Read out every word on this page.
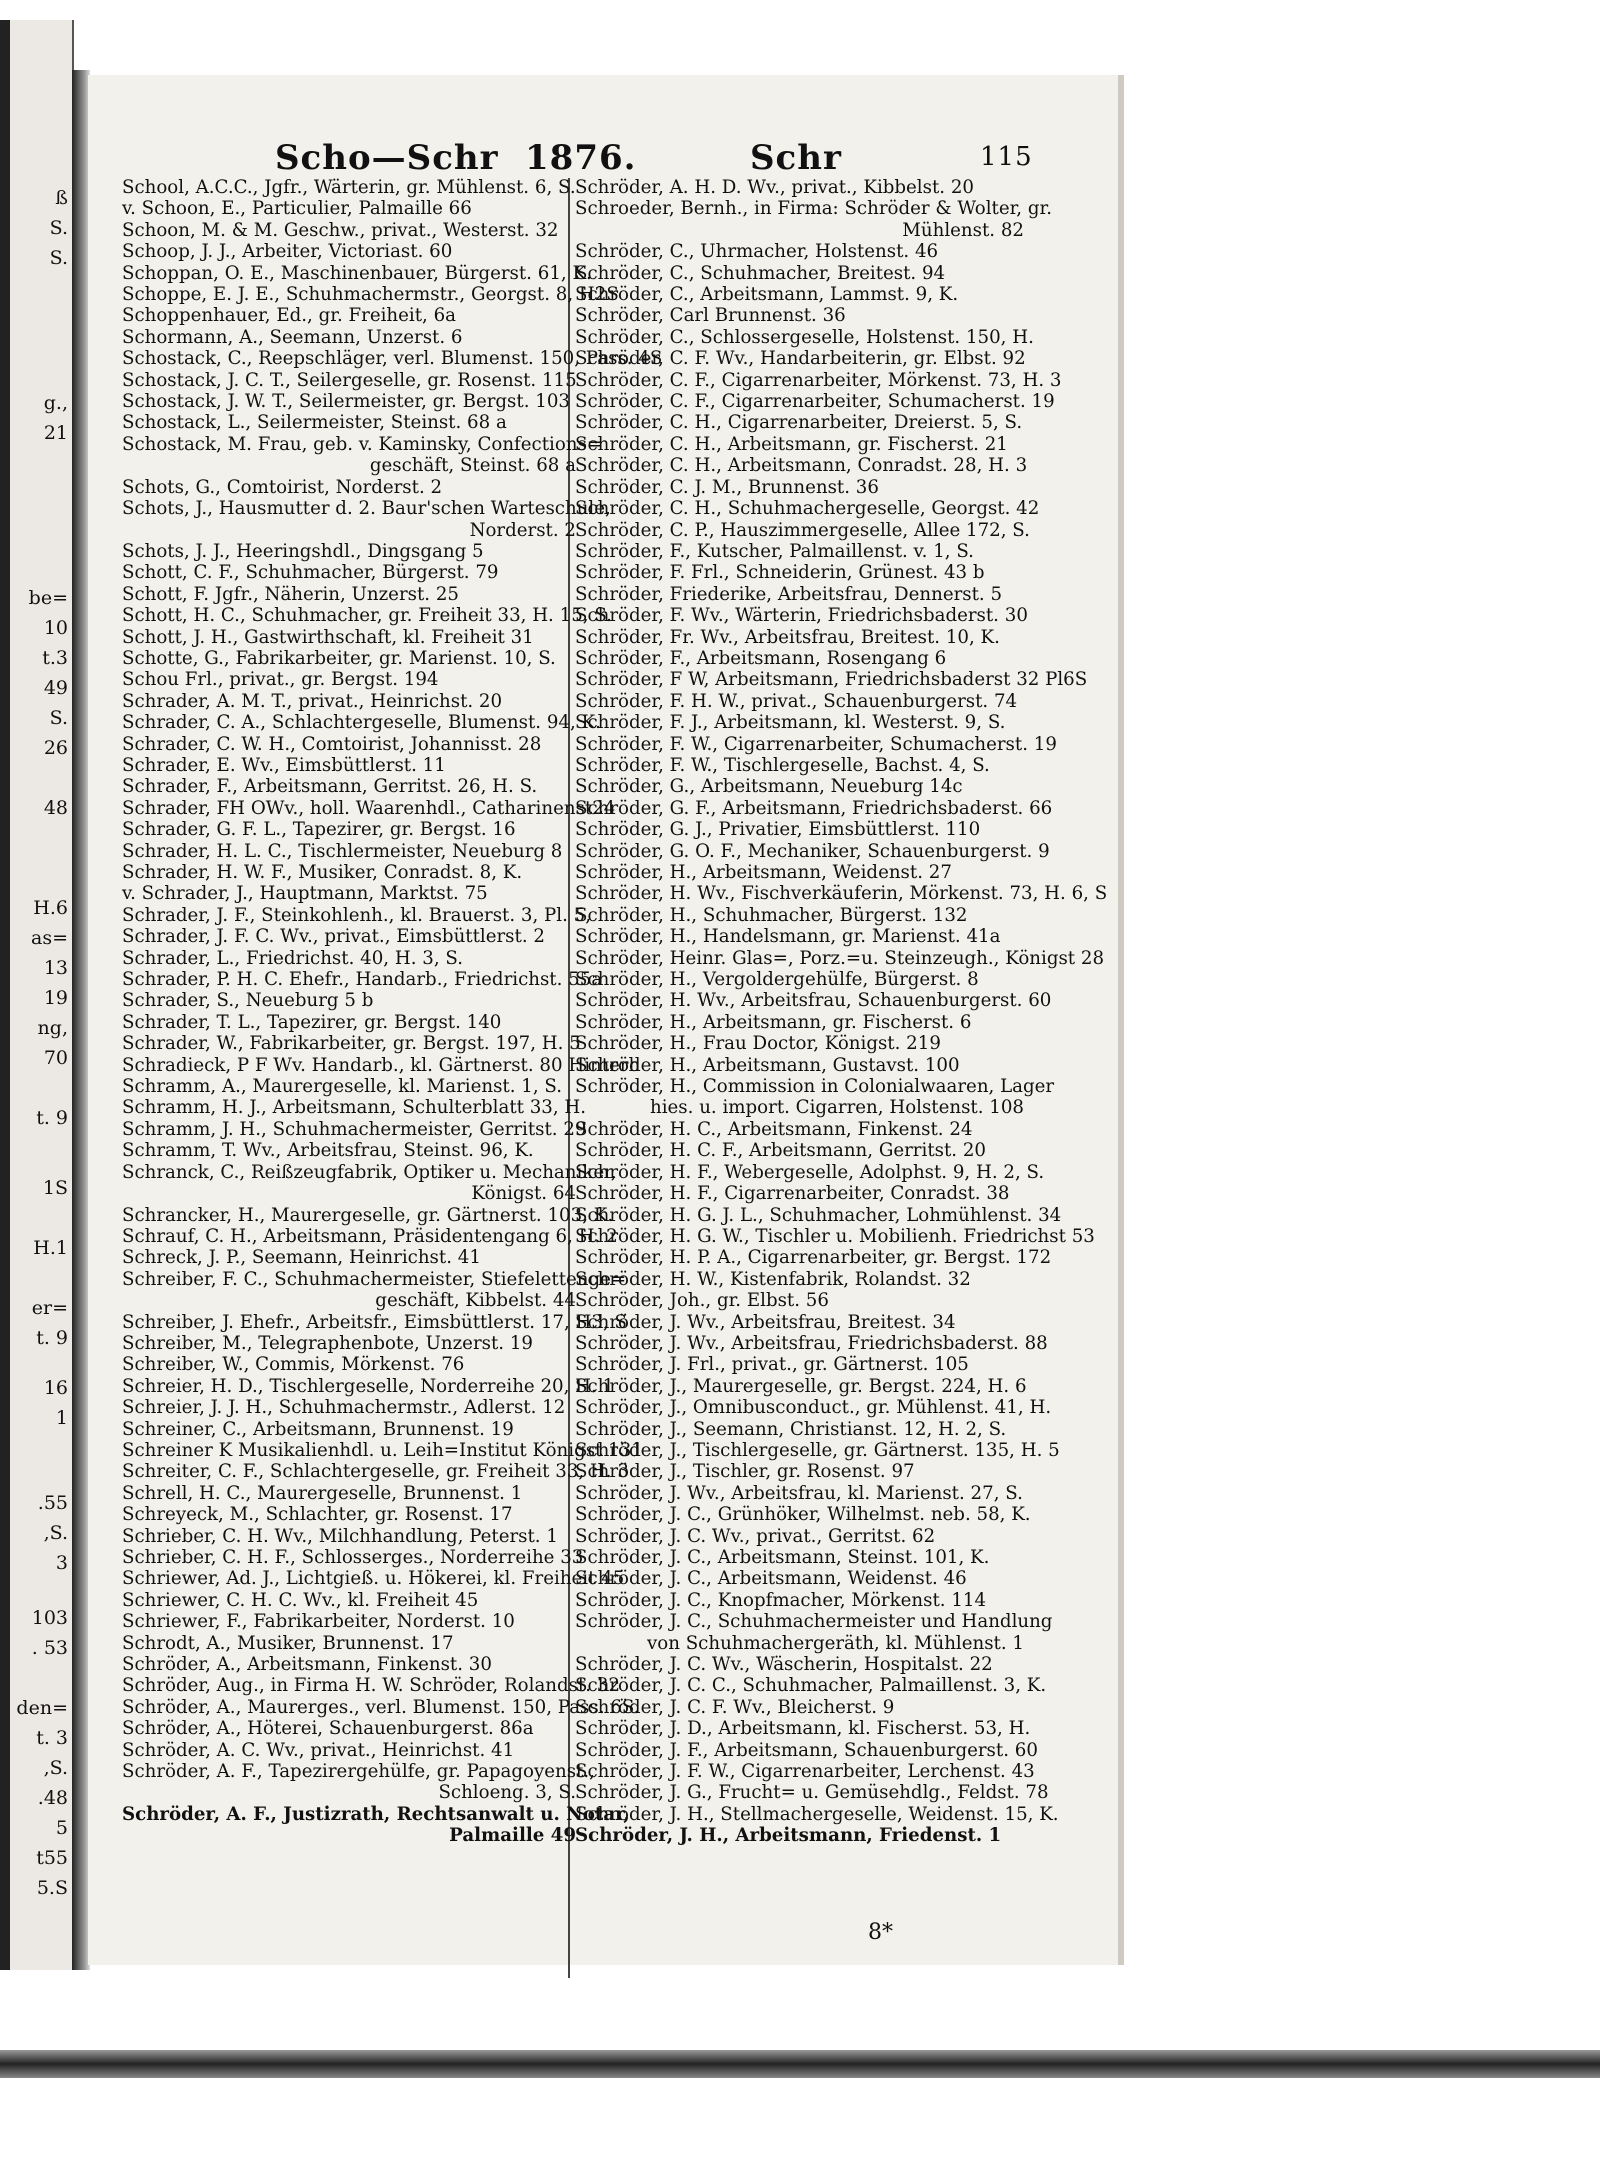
ß
S.
S.
g.,
21
be=
10
t.3
49
S.
26
48
H.6
as=
13
19
ng,
70
t. 9
1S
H.1
er=
t. 9
16
1
.55
,S.
3
103
. 53
den=
t. 3
,S.
.48
5
t55
5.S
Scho—Schr 1876.	Schr	115
School, A.C.C., Jgfr., Wärterin, gr. Mühlenst. 6, S.
v. Schoon, E., Particulier, Palmaille 66
Schoon, M. & M. Geschw., privat., Westerst. 32
Schoop, J. J., Arbeiter, Victoriast. 60
Schoppan, O. E., Maschinenbauer, Bürgerst. 61, K.
Schoppe, E. J. E., Schuhmachermstr., Georgst. 8, H2S
Schoppenhauer, Ed., gr. Freiheit, 6a
Schormann, A., Seemann, Unzerst. 6
Schostack, C., Reepschläger, verl. Blumenst. 150, Pass. 4S
Schostack, J. C. T., Seilergeselle, gr. Rosenst. 115
Schostack, J. W. T., Seilermeister, gr. Bergst. 103
Schostack, L., Seilermeister, Steinst. 68 a
Schostack, M. Frau, geb. v. Kaminsky, Confections=
geschäft, Steinst. 68 a
Schots, G., Comtoirist, Norderst. 2
Schots, J., Hausmutter d. 2. Baur'schen Warteschule,
Norderst. 2
Schots, J. J., Heeringshdl., Dingsgang 5
Schott, C. F., Schuhmacher, Bürgerst. 79
Schott, F. Jgfr., Näherin, Unzerst. 25
Schott, H. C., Schuhmacher, gr. Freiheit 33, H. 15, S.
Schott, J. H., Gastwirthschaft, kl. Freiheit 31
Schotte, G., Fabrikarbeiter, gr. Marienst. 10, S.
Schou Frl., privat., gr. Bergst. 194
Schrader, A. M. T., privat., Heinrichst. 20
Schrader, C. A., Schlachtergeselle, Blumenst. 94, K.
Schrader, C. W. H., Comtoirist, Johannisst. 28
Schrader, E. Wv., Eimsbüttlerst. 11
Schrader, F., Arbeitsmann, Gerritst. 26, H. S.
Schrader, FH OWv., holl. Waarenhdl., Catharinenst24
Schrader, G. F. L., Tapezirer, gr. Bergst. 16
Schrader, H. L. C., Tischlermeister, Neueburg 8
Schrader, H. W. F., Musiker, Conradst. 8, K.
v. Schrader, J., Hauptmann, Marktst. 75
Schrader, J. F., Steinkohlenh., kl. Brauerst. 3, Pl. 5,
Schrader, J. F. C. Wv., privat., Eimsbüttlerst. 2
Schrader, L., Friedrichst. 40, H. 3, S.
Schrader, P. H. C. Ehefr., Handarb., Friedrichst. 55a
Schrader, S., Neueburg 5 b
Schrader, T. L., Tapezirer, gr. Bergst. 140
Schrader, W., Fabrikarbeiter, gr. Bergst. 197, H. 5
Schradieck, P F Wv. Handarb., kl. Gärtnerst. 80 Hinterh
Schramm, A., Maurergeselle, kl. Marienst. 1, S.
Schramm, H. J., Arbeitsmann, Schulterblatt 33, H.
Schramm, J. H., Schuhmachermeister, Gerritst. 29
Schramm, T. Wv., Arbeitsfrau, Steinst. 96, K.
Schranck, C., Reißzeugfabrik, Optiker u. Mechaniker,
Königst. 64
Schrancker, H., Maurergeselle, gr. Gärtnerst. 103, K.
Schrauf, C. H., Arbeitsmann, Präsidentengang 6, H. 2
Schreck, J. P., Seemann, Heinrichst. 41
Schreiber, F. C., Schuhmachermeister, Stiefelettenge=
geschäft, Kibbelst. 44
Schreiber, J. Ehefr., Arbeitsfr., Eimsbüttlerst. 17, H3, S
Schreiber, M., Telegraphenbote, Unzerst. 19
Schreiber, W., Commis, Mörkenst. 76
Schreier, H. D., Tischlergeselle, Norderreihe 20, H. 1
Schreier, J. J. H., Schuhmachermstr., Adlerst. 12
Schreiner, C., Arbeitsmann, Brunnenst. 19
Schreiner K Musikalienhdl. u. Leih=Institut Königst 131
Schreiter, C. F., Schlachtergeselle, gr. Freiheit 33, H. 3
Schrell, H. C., Maurergeselle, Brunnenst. 1
Schreyeck, M., Schlachter, gr. Rosenst. 17
Schrieber, C. H. Wv., Milchhandlung, Peterst. 1
Schrieber, C. H. F., Schlosserges., Norderreihe 33
Schriewer, Ad. J., Lichtgieß. u. Hökerei, kl. Freiheit 45
Schriewer, C. H. C. Wv., kl. Freiheit 45
Schriewer, F., Fabrikarbeiter, Norderst. 10
Schrodt, A., Musiker, Brunnenst. 17
Schröder, A., Arbeitsmann, Finkenst. 30
Schröder, Aug., in Firma H. W. Schröder, Rolandst. 32
Schröder, A., Maurerges., verl. Blumenst. 150, Pass. 6S.
Schröder, A., Höterei, Schauenburgerst. 86a
Schröder, A. C. Wv., privat., Heinrichst. 41
Schröder, A. F., Tapezirergehülfe, gr. Papagoyenst.,
Schloeng. 3, S.
Schröder, A. F., Justizrath, Rechtsanwalt u. Notar,
Palmaille 49
Schröder, A. H. D. Wv., privat., Kibbelst. 20
Schroeder, Bernh., in Firma: Schröder & Wolter, gr.
Mühlenst. 82
Schröder, C., Uhrmacher, Holstenst. 46
Schröder, C., Schuhmacher, Breitest. 94
Schröder, C., Arbeitsmann, Lammst. 9, K.
Schröder, Carl Brunnenst. 36
Schröder, C., Schlossergeselle, Holstenst. 150, H.
Schröder, C. F. Wv., Handarbeiterin, gr. Elbst. 92
Schröder, C. F., Cigarrenarbeiter, Mörkenst. 73, H. 3
Schröder, C. F., Cigarrenarbeiter, Schumacherst. 19
Schröder, C. H., Cigarrenarbeiter, Dreierst. 5, S.
Schröder, C. H., Arbeitsmann, gr. Fischerst. 21
Schröder, C. H., Arbeitsmann, Conradst. 28, H. 3
Schröder, C. J. M., Brunnenst. 36
Schröder, C. H., Schuhmachergeselle, Georgst. 42
Schröder, C. P., Hauszimmergeselle, Allee 172, S.
Schröder, F., Kutscher, Palmaillenst. v. 1, S.
Schröder, F. Frl., Schneiderin, Grünest. 43 b
Schröder, Friederike, Arbeitsfrau, Dennerst. 5
Schröder, F. Wv., Wärterin, Friedrichsbaderst. 30
Schröder, Fr. Wv., Arbeitsfrau, Breitest. 10, K.
Schröder, F., Arbeitsmann, Rosengang 6
Schröder, F W, Arbeitsmann, Friedrichsbaderst 32 Pl6S
Schröder, F. H. W., privat., Schauenburgerst. 74
Schröder, F. J., Arbeitsmann, kl. Westerst. 9, S.
Schröder, F. W., Cigarrenarbeiter, Schumacherst. 19
Schröder, F. W., Tischlergeselle, Bachst. 4, S.
Schröder, G., Arbeitsmann, Neueburg 14c
Schröder, G. F., Arbeitsmann, Friedrichsbaderst. 66
Schröder, G. J., Privatier, Eimsbüttlerst. 110
Schröder, G. O. F., Mechaniker, Schauenburgerst. 9
Schröder, H., Arbeitsmann, Weidenst. 27
Schröder, H. Wv., Fischverkäuferin, Mörkenst. 73, H. 6, S
Schröder, H., Schuhmacher, Bürgerst. 132
Schröder, H., Handelsmann, gr. Marienst. 41a
Schröder, Heinr. Glas=, Porz.=u. Steinzeugh., Königst 28
Schröder, H., Vergoldergehülfe, Bürgerst. 8
Schröder, H. Wv., Arbeitsfrau, Schauenburgerst. 60
Schröder, H., Arbeitsmann, gr. Fischerst. 6
Schröder, H., Frau Doctor, Königst. 219
Schröder, H., Arbeitsmann, Gustavst. 100
Schröder, H., Commission in Colonialwaaren, Lager
hies. u. import. Cigarren, Holstenst. 108
Schröder, H. C., Arbeitsmann, Finkenst. 24
Schröder, H. C. F., Arbeitsmann, Gerritst. 20
Schröder, H. F., Webergeselle, Adolphst. 9, H. 2, S.
Schröder, H. F., Cigarrenarbeiter, Conradst. 38
Schröder, H. G. J. L., Schuhmacher, Lohmühlenst. 34
Schröder, H. G. W., Tischler u. Mobilienh. Friedrichst 53
Schröder, H. P. A., Cigarrenarbeiter, gr. Bergst. 172
Schröder, H. W., Kistenfabrik, Rolandst. 32
Schröder, Joh., gr. Elbst. 56
Schröder, J. Wv., Arbeitsfrau, Breitest. 34
Schröder, J. Wv., Arbeitsfrau, Friedrichsbaderst. 88
Schröder, J. Frl., privat., gr. Gärtnerst. 105
Schröder, J., Maurergeselle, gr. Bergst. 224, H. 6
Schröder, J., Omnibusconduct., gr. Mühlenst. 41, H.
Schröder, J., Seemann, Christianst. 12, H. 2, S.
Schröder, J., Tischlergeselle, gr. Gärtnerst. 135, H. 5
Schröder, J., Tischler, gr. Rosenst. 97
Schröder, J. Wv., Arbeitsfrau, kl. Marienst. 27, S.
Schröder, J. C., Grünhöker, Wilhelmst. neb. 58, K.
Schröder, J. C. Wv., privat., Gerritst. 62
Schröder, J. C., Arbeitsmann, Steinst. 101, K.
Schröder, J. C., Arbeitsmann, Weidenst. 46
Schröder, J. C., Knopfmacher, Mörkenst. 114
Schröder, J. C., Schuhmachermeister und Handlung
von Schuhmachergeräth, kl. Mühlenst. 1
Schröder, J. C. Wv., Wäscherin, Hospitalst. 22
Schröder, J. C. C., Schuhmacher, Palmaillenst. 3, K.
Schröder, J. C. F. Wv., Bleicherst. 9
Schröder, J. D., Arbeitsmann, kl. Fischerst. 53, H.
Schröder, J. F., Arbeitsmann, Schauenburgerst. 60
Schröder, J. F. W., Cigarrenarbeiter, Lerchenst. 43
Schröder, J. G., Frucht= u. Gemüsehdlg., Feldst. 78
Schröder, J. H., Stellmachergeselle, Weidenst. 15, K.
Schröder, J. H., Arbeitsmann, Friedenst. 1
8*
